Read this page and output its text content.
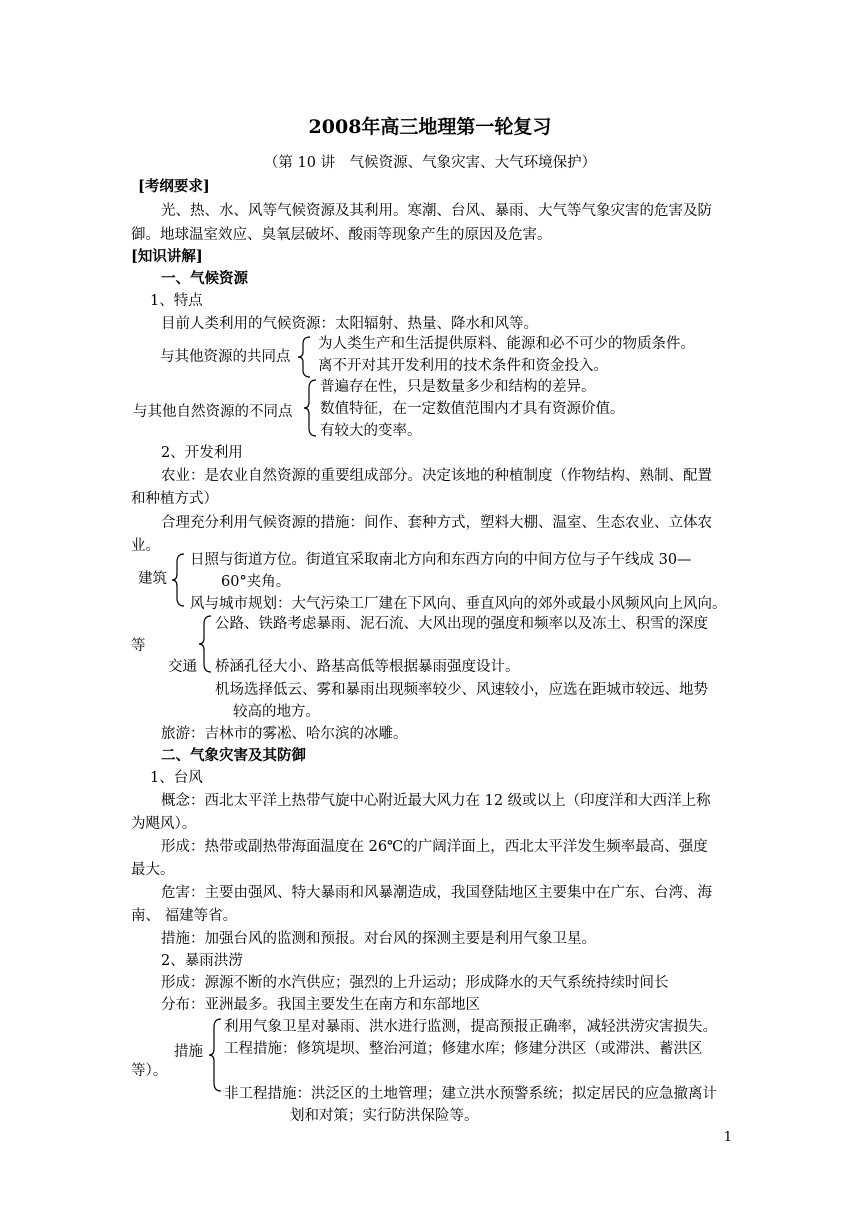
2008年高三地理第一轮复习
（第 10 讲　气候资源、气象灾害、大气环境保护）
[考纲要求]
光、热、水、风等气候资源及其利用。寒潮、台风、暴雨、大气等气象灾害的危害及防
御。地球温室效应、臭氧层破坏、酸雨等现象产生的原因及危害。
[知识讲解]
一、气候资源
1、特点
目前人类利用的气候资源：太阳辐射、热量、降水和风等。
与其他资源的共同点
为人类生产和生活提供原料、能源和必不可少的物质条件。
离不开对其开发利用的技术条件和资金投入。
与其他自然资源的不同点
普遍存在性，只是数量多少和结构的差异。
数值特征，在一定数值范围内才具有资源价值。
有较大的变率。
2、开发利用
农业：是农业自然资源的重要组成部分。决定该地的种植制度（作物结构、熟制、配置
和种植方式）
合理充分利用气候资源的措施：间作、套种方式，塑料大棚、温室、生态农业、立体农
业。
建筑
日照与街道方位。街道宜采取南北方向和东西方向的中间方位与子午线成 30—
60°夹角。
风与城市规划：大气污染工厂建在下风向、垂直风向的郊外或最小风频风向上风向。
公路、铁路考虑暴雨、泥石流、大风出现的强度和频率以及冻土、积雪的深度
等
交通 桥涵孔径大小、路基高低等根据暴雨强度设计。
机场选择低云、雾和暴雨出现频率较少、风速较小，应选在距城市较远、地势
较高的地方。
旅游：吉林市的雾凇、哈尔滨的冰雕。
二、气象灾害及其防御
1、台风
概念：西北太平洋上热带气旋中心附近最大风力在 12 级或以上（印度洋和大西洋上称
为飓风）。
形成：热带或副热带海面温度在 26℃的广阔洋面上，西北太平洋发生频率最高、强度
最大。
危害：主要由强风、特大暴雨和风暴潮造成，我国登陆地区主要集中在广东、台湾、海
南、 福建等省。
措施：加强台风的监测和预报。对台风的探测主要是利用气象卫星。
2、暴雨洪涝
形成：源源不断的水汽供应；强烈的上升运动；形成降水的天气系统持续时间长
分布：亚洲最多。我国主要发生在南方和东部地区
措施
利用气象卫星对暴雨、洪水进行监测，提高预报正确率，减轻洪涝灾害损失。
工程措施：修筑堤坝、整治河道；修建水库；修建分洪区（或滞洪、蓄洪区
等）。
非工程措施：洪泛区的土地管理；建立洪水预警系统；拟定居民的应急撤离计
划和对策；实行防洪保险等。
1
